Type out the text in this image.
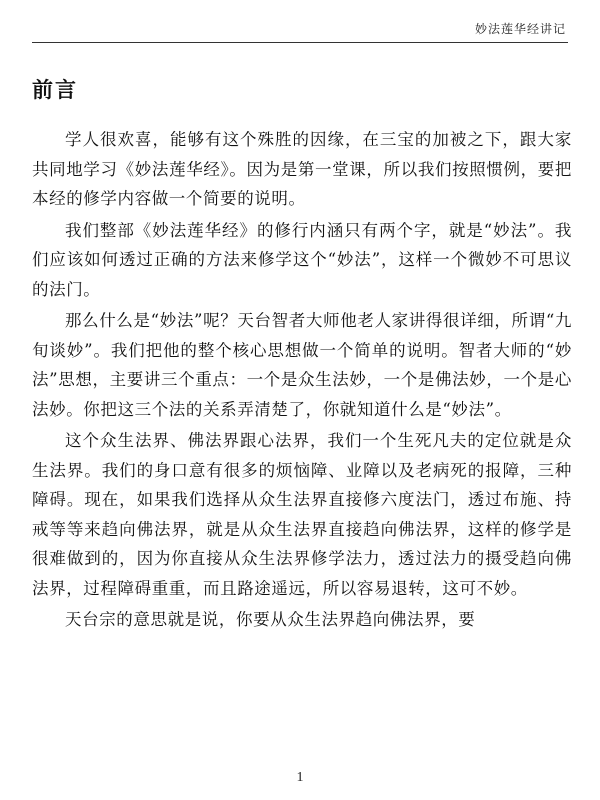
妙法莲华经讲记
前言

学人很欢喜，能够有这个殊胜的因缘，在三宝的加被之下，跟大家共同地学习《妙法莲华经》。因为是第一堂课，所以我们按照惯例，要把本经的修学内容做一个简要的说明。

我们整部《妙法莲华经》的修行内涵只有两个字，就是“妙法”。我们应该如何透过正确的方法来修学这个“妙法”，这样一个微妙不可思议的法门。

那么什么是“妙法”呢？天台智者大师他老人家讲得很详细，所谓“九旬谈妙”。我们把他的整个核心思想做一个简单的说明。智者大师的“妙法”思想，主要讲三个重点：一个是众生法妙，一个是佛法妙，一个是心法妙。你把这三个法的关系弄清楚了，你就知道什么是“妙法”。

这个众生法界、佛法界跟心法界，我们一个生死凡夫的定位就是众生法界。我们的身口意有很多的烦恼障、业障以及老病死的报障，三种障碍。现在，如果我们选择从众生法界直接修六度法门，透过布施、持戒等等来趋向佛法界，就是从众生法界直接趋向佛法界，这样的修学是很难做到的，因为你直接从众生法界修学法力，透过法力的摄受趋向佛法界，过程障碍重重，而且路途遥远，所以容易退转，这可不妙。

天台宗的意思就是说，你要从众生法界趋向佛法界，要

1
